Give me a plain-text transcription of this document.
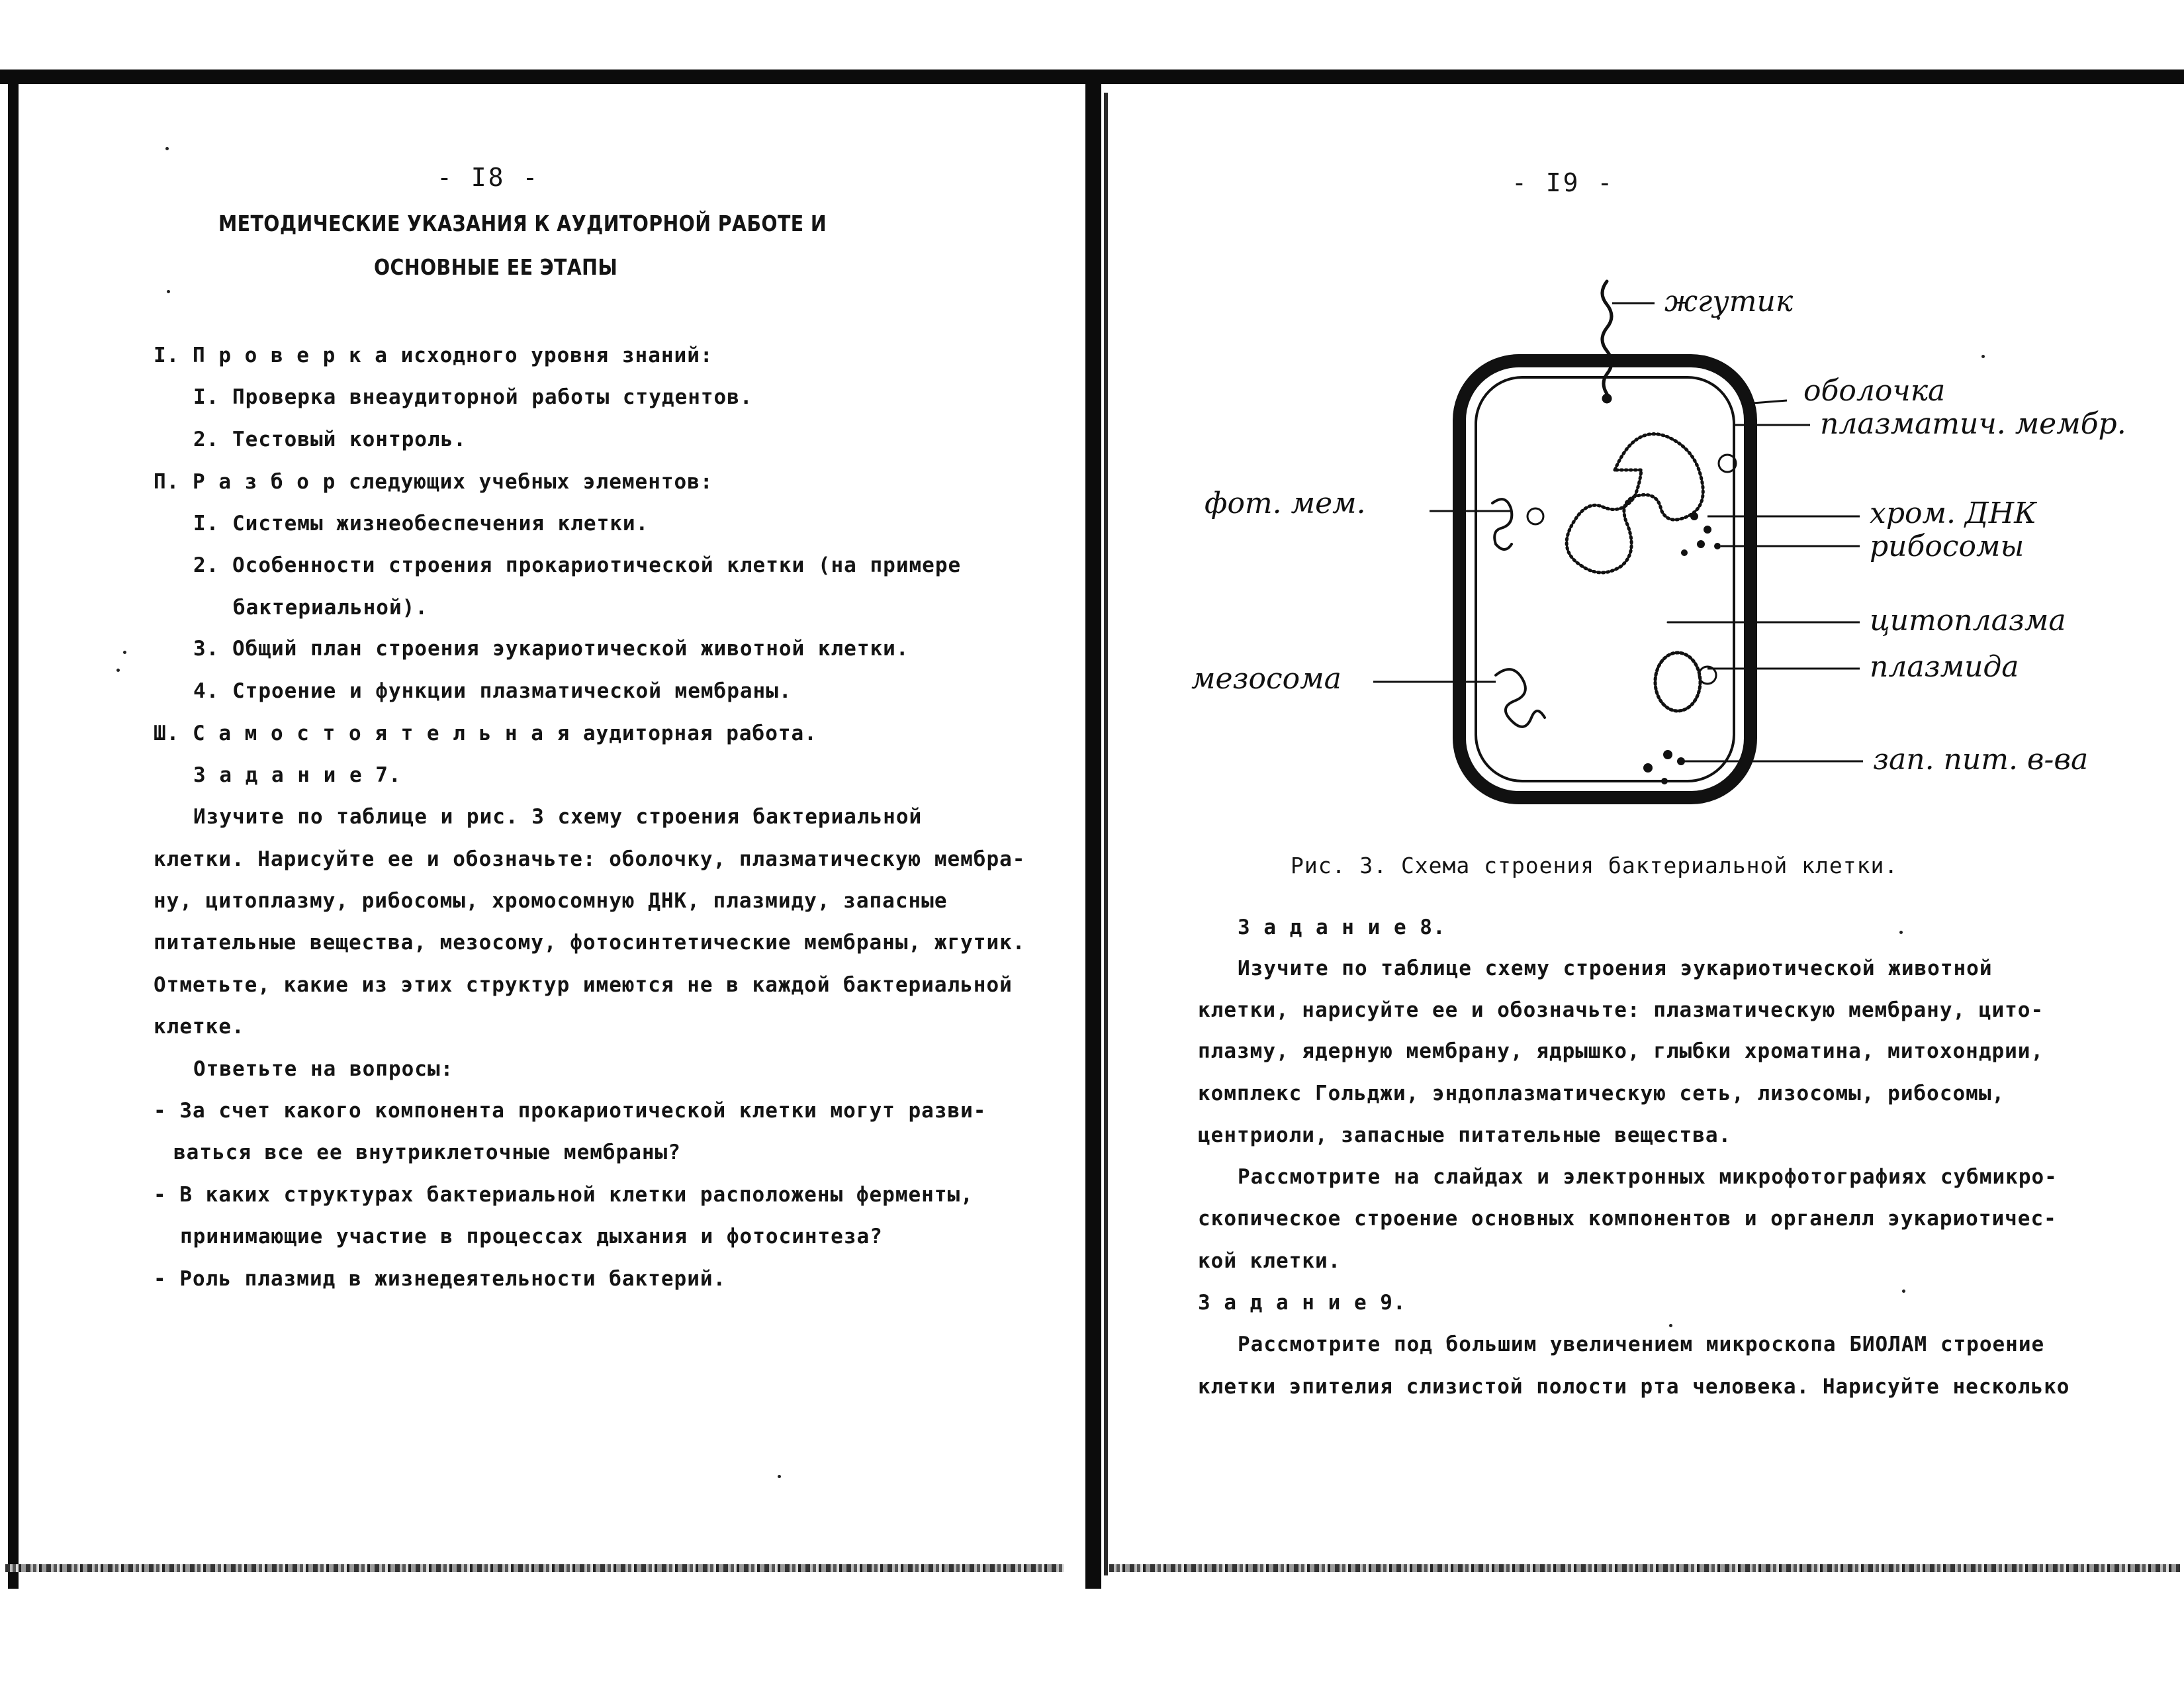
- I8 -
МЕТОДИЧЕСКИЕ УКАЗАНИЯ К АУДИТОРНОЙ РАБОТЕ И
ОСНОВНЫЕ ЕЕ ЭТАПЫ
I. П р о в е р к а исходного уровня знаний:
I. Проверка внеаудиторной работы студентов.
2. Тестовый контроль.
П. Р а з б о р следующих учебных элементов:
I. Системы жизнеобеспечения клетки.
2. Особенности строения прокариотической клетки (на примере
бактериальной).
3. Общий план строения эукариотической животной клетки.
4. Строение и функции плазматической мембраны.
Ш. С а м о с т о я т е л ь н а я аудиторная работа.
З а д а н и е 7.
Изучите по таблице и рис. 3 схему строения бактериальной
клетки. Нарисуйте ее и обозначьте: оболочку, плазматическую мембра-
ну, цитоплазму, рибосомы, хромосомную ДНК, плазмиду, запасные
питательные вещества, мезосому, фотосинтетические мембраны, жгутик.
Отметьте, какие из этих структур имеются не в каждой бактериальной
клетке.
Ответьте на вопросы:
- За счет какого компонента прокариотической клетки могут разви-
ваться все ее внутриклеточные мембраны?
- В каких структурах бактериальной клетки расположены ферменты,
принимающие участие в процессах дыхания и фотосинтеза?
- Роль плазмид в жизнедеятельности бактерий.
- I9 -
Рис. 3. Схема строения бактериальной клетки.
З а д а н и е 8.
Изучите по таблице схему строения эукариотической животной
клетки, нарисуйте ее и обозначьте: плазматическую мембрану, цито-
плазму, ядерную мембрану, ядрышко, глыбки хроматина, митохондрии,
комплекс Гольджи, эндоплазматическую сеть, лизосомы, рибосомы,
центриоли, запасные питательные вещества.
Рассмотрите на слайдах и электронных микрофотографиях субмикро-
скопическое строение основных компонентов и органелл эукариотичес-
кой клетки.
З а д а н и е 9.
Рассмотрите под большим увеличением микроскопа БИОЛАМ строение
клетки эпителия слизистой полости рта человека. Нарисуйте несколько
жгутик
оболочка
плазматич. мембр.
фот. мем.	хром. ДНК
рибосомы
цитоплазма
плазмида
мезосома
зап. пит. в-ва
